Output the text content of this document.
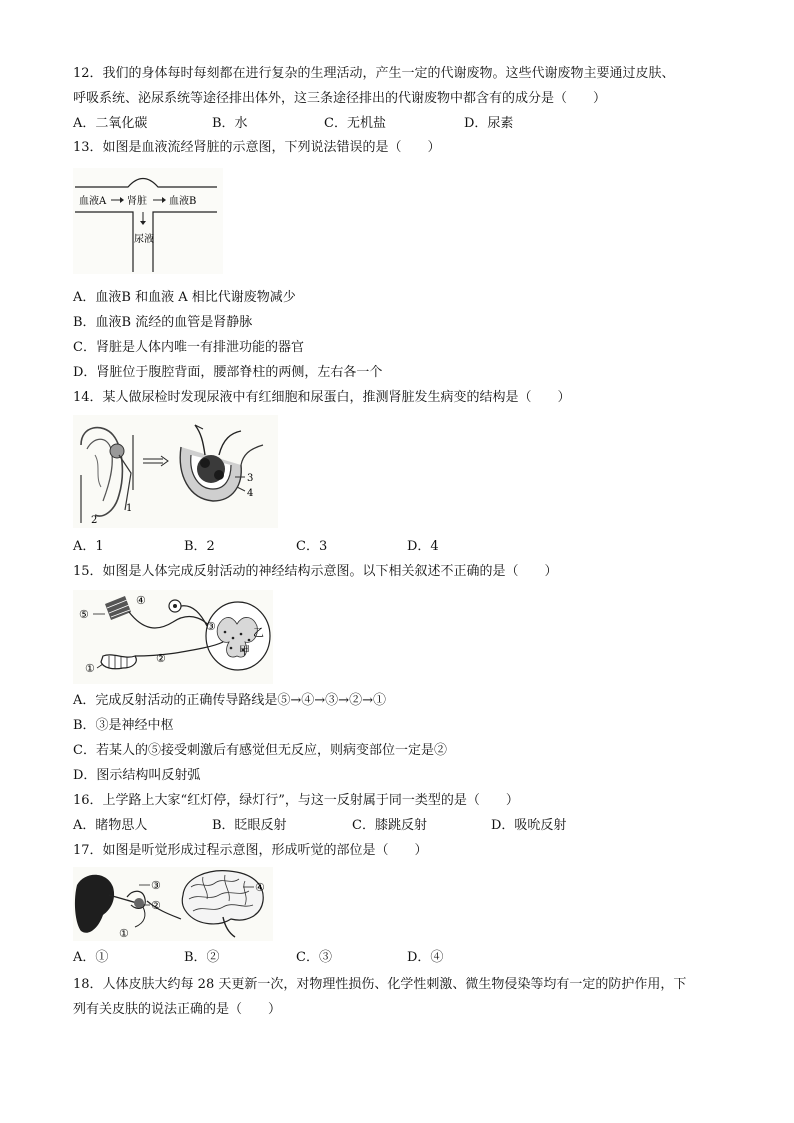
12．我们的身体每时每刻都在进行复杂的生理活动，产生一定的代谢废物。这些代谢废物主要通过皮肤、
呼吸系统、泌尿系统等途径排出体外，这三条途径排出的代谢废物中都含有的成分是（　　）
A．二氧化碳	B．水	C．无机盐	D．尿素
13．如图是血液流经肾脏的示意图，下列说法错误的是（　　）
血液A 肾脏 血液B
尿液
A．血液B 和血液 A 相比代谢废物减少
B．血液B 流经的血管是肾静脉
C．肾脏是人体内唯一有排泄功能的器官
D．肾脏位于腹腔背面，腰部脊柱的两侧，左右各一个
14．某人做尿检时发现尿液中有红细胞和尿蛋白，推测肾脏发生病变的结构是（　　）
1
2
3
4
A．1	B．2	C．3	D．4
15．如图是人体完成反射活动的神经结构示意图。以下相关叙述不正确的是（　　）
⑤
④
③	乙
甲
①
②
A．完成反射活动的正确传导路线是⑤→④→③→②→①
B．③是神经中枢
C．若某人的⑤接受刺激后有感觉但无反应，则病变部位一定是②
D．图示结构叫反射弧
16．上学路上大家“红灯停，绿灯行”，与这一反射属于同一类型的是（　　）
A．睹物思人	B．眨眼反射	C．膝跳反射	D．吸吮反射
17．如图是听觉形成过程示意图，形成听觉的部位是（　　）
③
②
①
④
A．①	B．②	C．③	D．④
18．人体皮肤大约每 28 天更新一次，对物理性损伤、化学性刺激、微生物侵染等均有一定的防护作用，下
列有关皮肤的说法正确的是（　　）
